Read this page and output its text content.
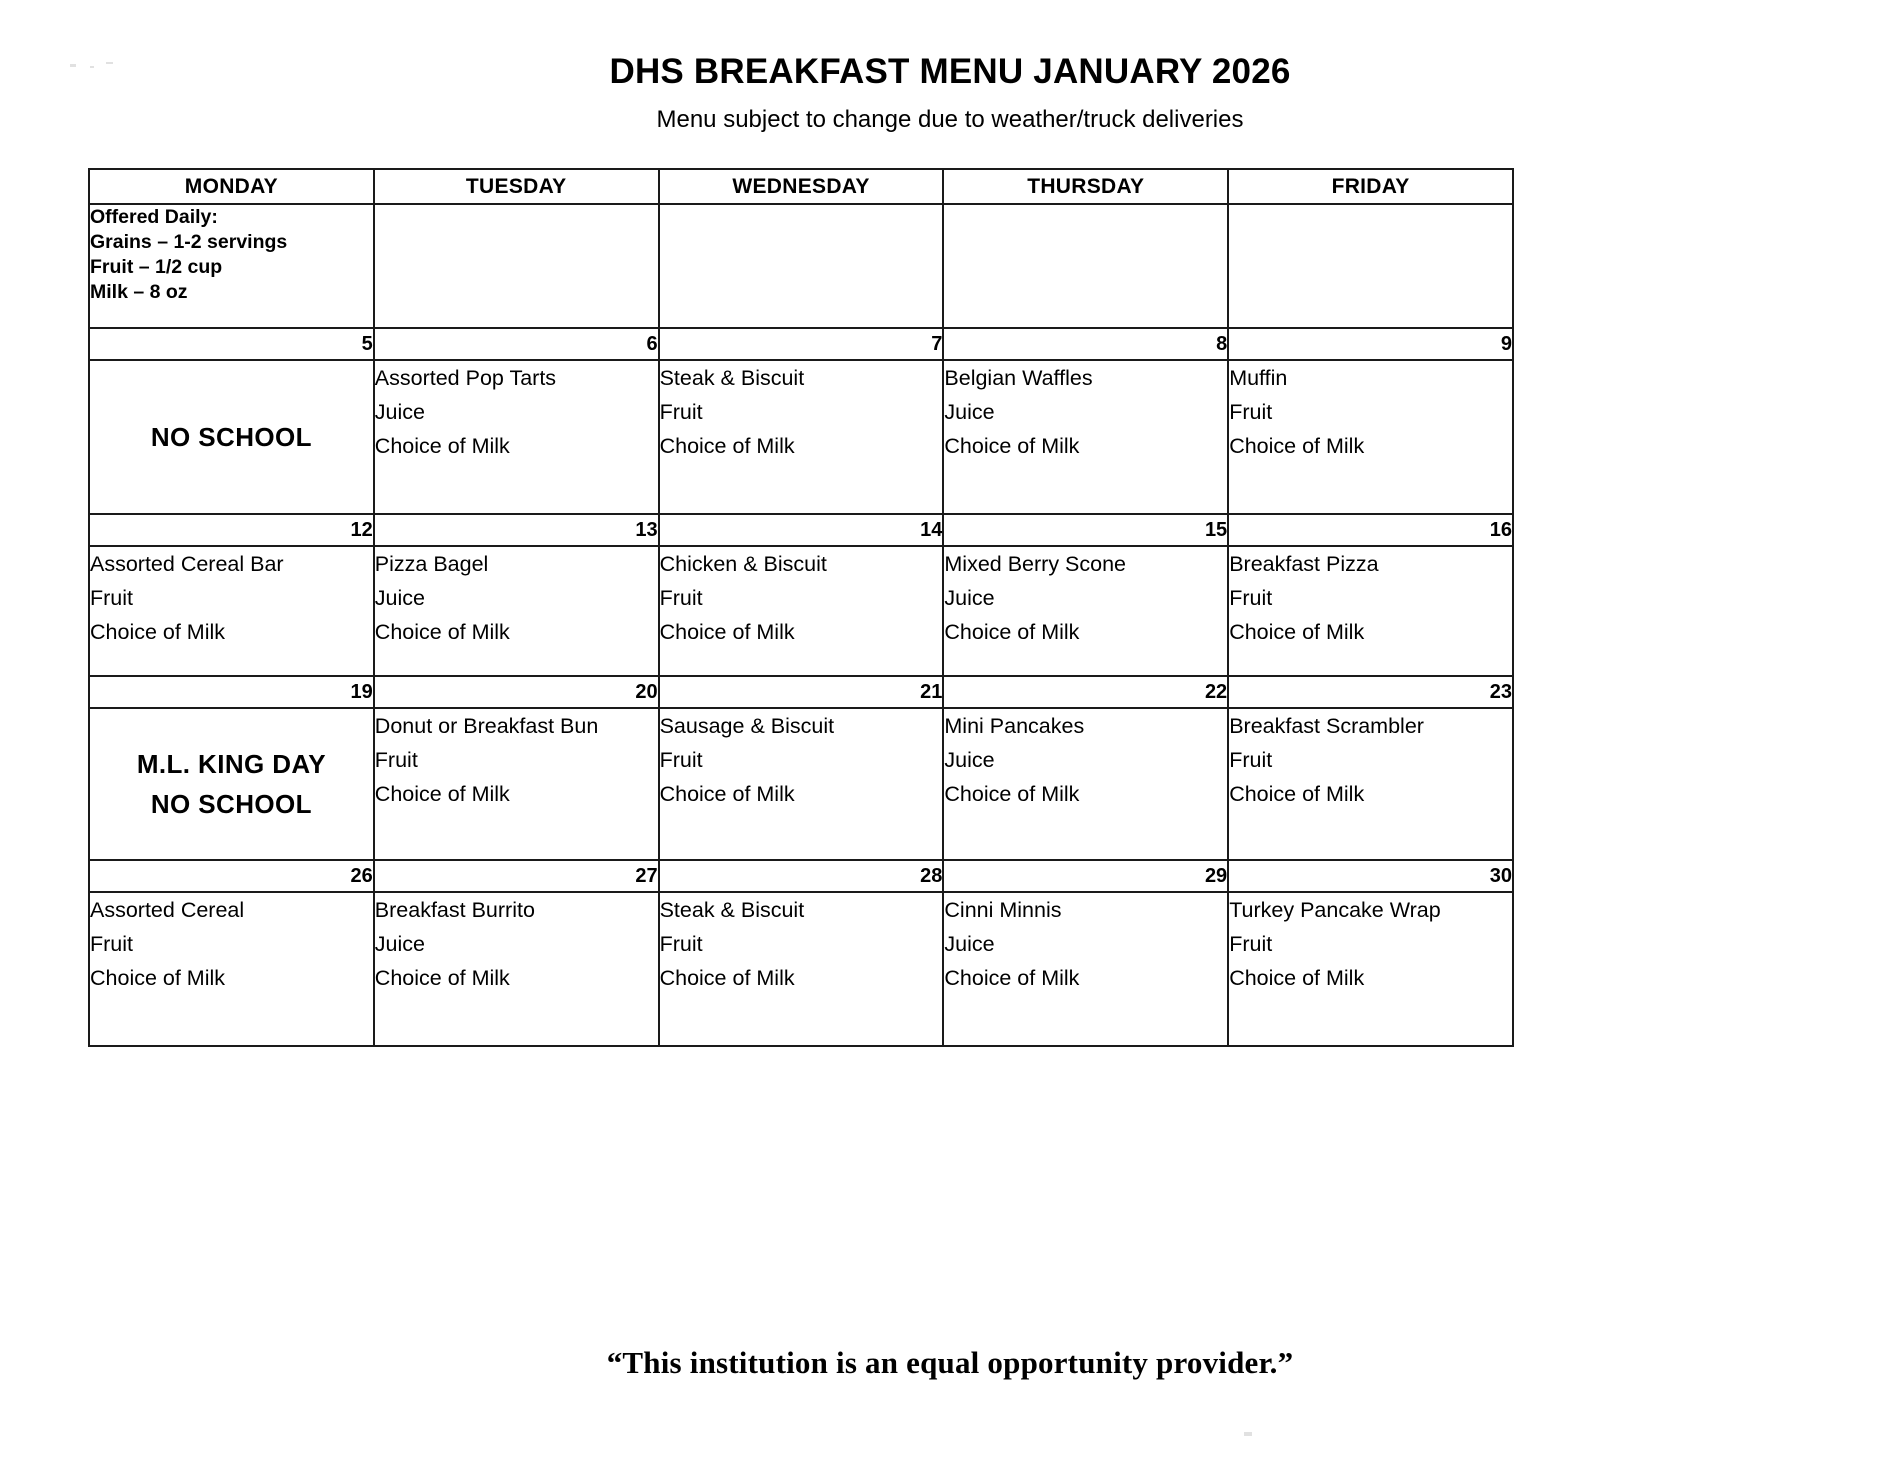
DHS BREAKFAST MENU JANUARY 2026

Menu subject to change due to weather/truck deliveries

MONDAY	TUESDAY	WEDNESDAY	THURSDAY	FRIDAY

Offered Daily:
Grains – 1-2 servings
Fruit – 1/2 cup
Milk – 8 oz				

5	6	7	8	9

NO SCHOOL

Assorted Pop Tarts
Juice
Choice of Milk

Steak & Biscuit
Fruit
Choice of Milk

Belgian Waffles
Juice
Choice of Milk

Muffin
Fruit
Choice of Milk

12	13	14	15	16

Assorted Cereal Bar
Fruit
Choice of Milk

Pizza Bagel
Juice
Choice of Milk

Chicken & Biscuit
Fruit
Choice of Milk

Mixed Berry Scone
Juice
Choice of Milk

Breakfast Pizza
Fruit
Choice of Milk

19	20	21	22	23

M.L. KING DAY
NO SCHOOL

Donut or Breakfast Bun
Fruit
Choice of Milk

Sausage & Biscuit
Fruit
Choice of Milk

Mini Pancakes
Juice
Choice of Milk

Breakfast Scrambler
Fruit
Choice of Milk

26	27	28	29	30

Assorted Cereal
Fruit
Choice of Milk

Breakfast Burrito
Juice
Choice of Milk

Steak & Biscuit
Fruit
Choice of Milk

Cinni Minnis
Juice
Choice of Milk

Turkey Pancake Wrap
Fruit
Choice of Milk
“This institution is an equal opportunity provider.”
